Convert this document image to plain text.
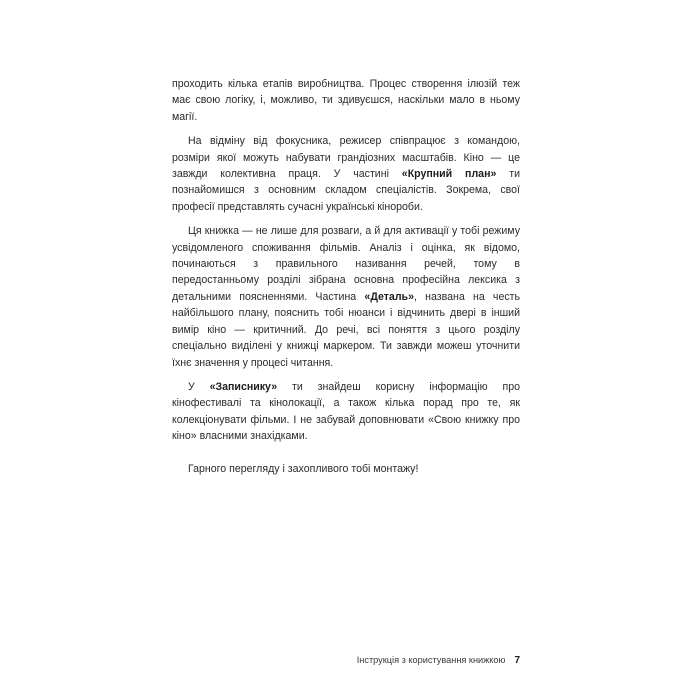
проходить кілька етапів виробництва. Процес створення ілюзій теж має свою логіку, і, можливо, ти здивуєшся, наскільки мало в ньому магії.

На відміну від фокусника, режисер співпрацює з командою, розміри якої можуть набувати грандіозних масштабів. Кіно — це завжди колективна праця. У частині «Крупний план» ти познайомишся з основним складом спеціалістів. Зокрема, свої професії представлять сучасні українські кінороби.

Ця книжка — не лише для розваги, а й для активації у тобі режиму усвідомленого споживання фільмів. Аналіз і оцінка, як відомо, починаються з правильного називання речей, тому в передостанньому розділі зібрана основна професійна лексика з детальними поясненнями. Частина «Деталь», названа на честь найбільшого плану, пояснить тобі нюанси і відчинить двері в інший вимір кіно — критичний. До речі, всі поняття з цього розділу спеціально виділені у книжці маркером. Ти завжди можеш уточнити їхнє значення у процесі читання.

У «Записнику» ти знайдеш корисну інформацію про кінофестивалі та кінолокації, а також кілька порад про те, як колекціонувати фільми. І не забувай доповнювати «Свою книжку про кіно» власними знахідками.

Гарного перегляду і захопливого тобі монтажу!

Інструкція з користування книжкою 7
